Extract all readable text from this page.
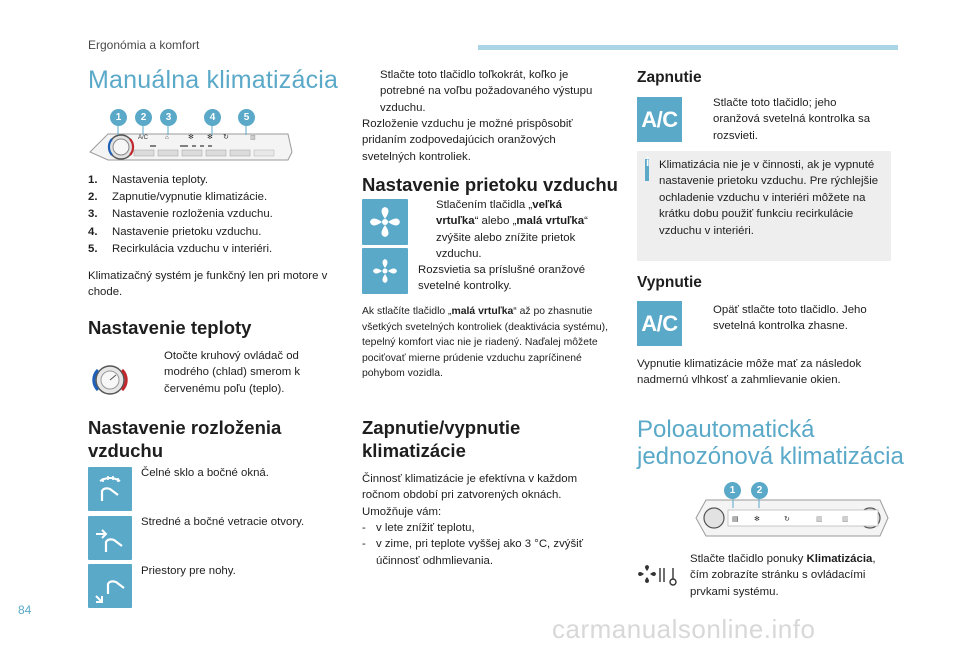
Ergonómia a komfort
Manuálna klimatizácia
A/C	⌂	✻ ✻ ↻	▥
1	2	3	4	5
1.	Nastavenia teploty.
2.	Zapnutie/vypnutie klimatizácie.
3.	Nastavenie rozloženia vzduchu.
4.	Nastavenie prietoku vzduchu.
5.	Recirkulácia vzduchu v interiéri.
Klimatizačný systém je funkčný len pri motore v chode.
Nastavenie teploty
Otočte kruhový ovládač od modrého (chlad) smerom k červenému poľu (teplo).
Nastavenie rozloženia
vzduchu
Čelné sklo a bočné okná.
Stredné a bočné vetracie otvory.
Priestory pre nohy.
Stlačte toto tlačidlo toľkokrát, koľko je potrebné na voľbu požadovaného výstupu vzduchu.
Rozloženie vzduchu je možné prispôsobiť pridaním zodpovedajúcich oranžových svetelných kontroliek.
Nastavenie prietoku vzduchu
Stlačením tlačidla „veľká vrtuľka“ alebo „malá vrtuľka“ zvýšite alebo znížite prietok vzduchu.
Rozsvietia sa príslušné oranžové svetelné kontrolky.
Ak stlačíte tlačidlo „malá vrtuľka“ až po zhasnutie všetkých svetelných kontroliek (deaktivácia systému), tepelný komfort viac nie je riadený. Naďalej môžete pociťovať mierne prúdenie vzduchu zapríčinené pohybom vozidla.
Zapnutie/vypnutie
klimatizácie
Činnosť klimatizácie je efektívna v každom ročnom období pri zatvorených oknách.
Umožňuje vám:
- v lete znížiť teplotu,
- v zime, pri teplote vyššej ako 3 °C, zvýšiť účinnosť odhmlievania.
Zapnutie
A/C
Stlačte toto tlačidlo; jeho oranžová svetelná kontrolka sa rozsvieti.
i Klimatizácia nie je v činnosti, ak je vypnuté nastavenie prietoku vzduchu. Pre rýchlejšie ochladenie vzduchu v interiéri môžete na krátku dobu použiť funkciu recirkulácie vzduchu v interiéri.
Vypnutie
A/C
Opäť stlačte toto tlačidlo. Jeho svetelná kontrolka zhasne.
Vypnutie klimatizácie môže mať za následok nadmernú vlhkosť a zahmlievanie okien.
Poloautomatická
jednozónová klimatizácia
▤ ✻	↻	▥	▥
1	2
Stlačte tlačidlo ponuky Klimatizácia, čím zobrazíte stránku s ovládacími prvkami systému.
84
carmanualsonline.info
